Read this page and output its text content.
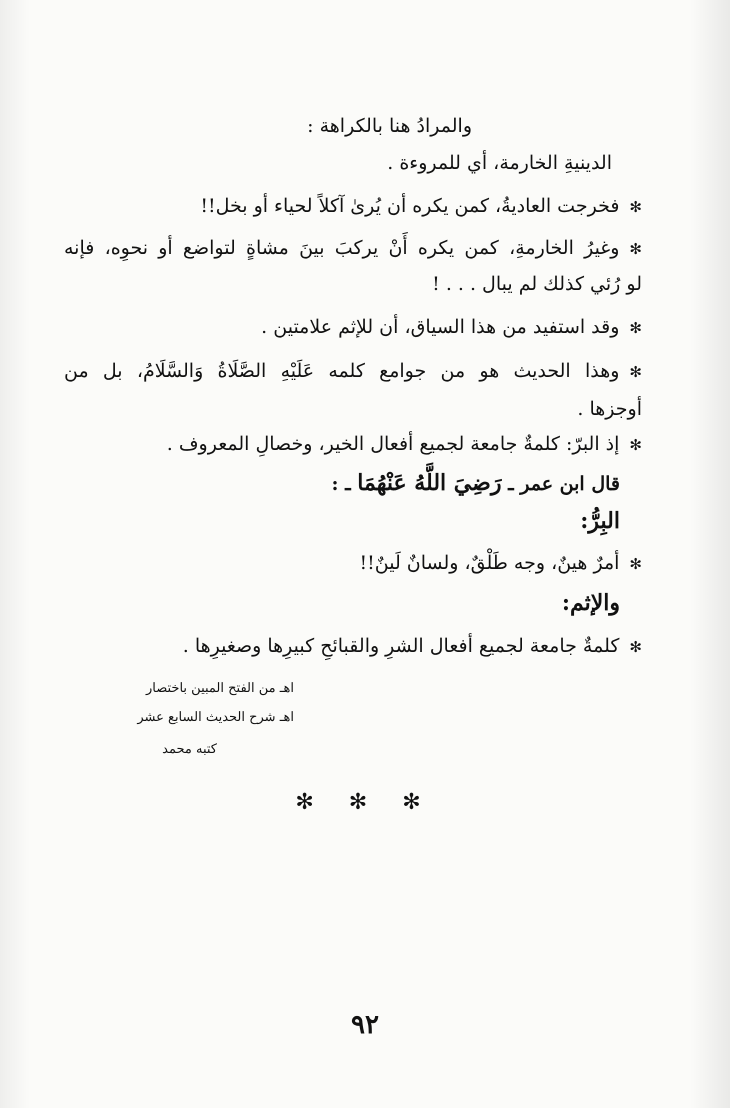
والمرادُ هنا بالكراهة :
الدينيةِ الخارمة، أي للمروءة .
✻فخرجت العاديةُ، كمن يكره أن يُرىٰ آكلاً لحياء أو بخل!!
✻وغيرُ الخارمةِ، كمن يكره أَنْ يركبَ بينَ مشاةٍ لتواضع أو نحوِه، فإنه
لو رُئي كذلك لم يبال . . . !
✻وقد استفيد من هذا السياق، أن للإثم علامتين .
✻وهذا الحديث هو من جوامع كلمه عَلَيْهِ الصَّلَاةُ وَالسَّلَامُ، بل من
أوجزها .
✻إذ البرّ: كلمةٌ جامعة لجميع أفعال الخير، وخصالِ المعروف .
قال ابن عمر ـ رَضِيَ اللَّهُ عَنْهُمَا ـ :
البِرُّ:
✻أمرٌ هينٌ، وجه طَلْقٌ، ولسانٌ لَينٌ!!
والإثم:
✻كلمةٌ جامعة لجميع أفعال الشرِ والقبائحِ كبيرِها وصغيرِها .
اهـ من الفتح المبين باختصار
اهـ شرح الحديث السابع عشر
كتبه محمد
✻ ✻ ✻
٩٢
